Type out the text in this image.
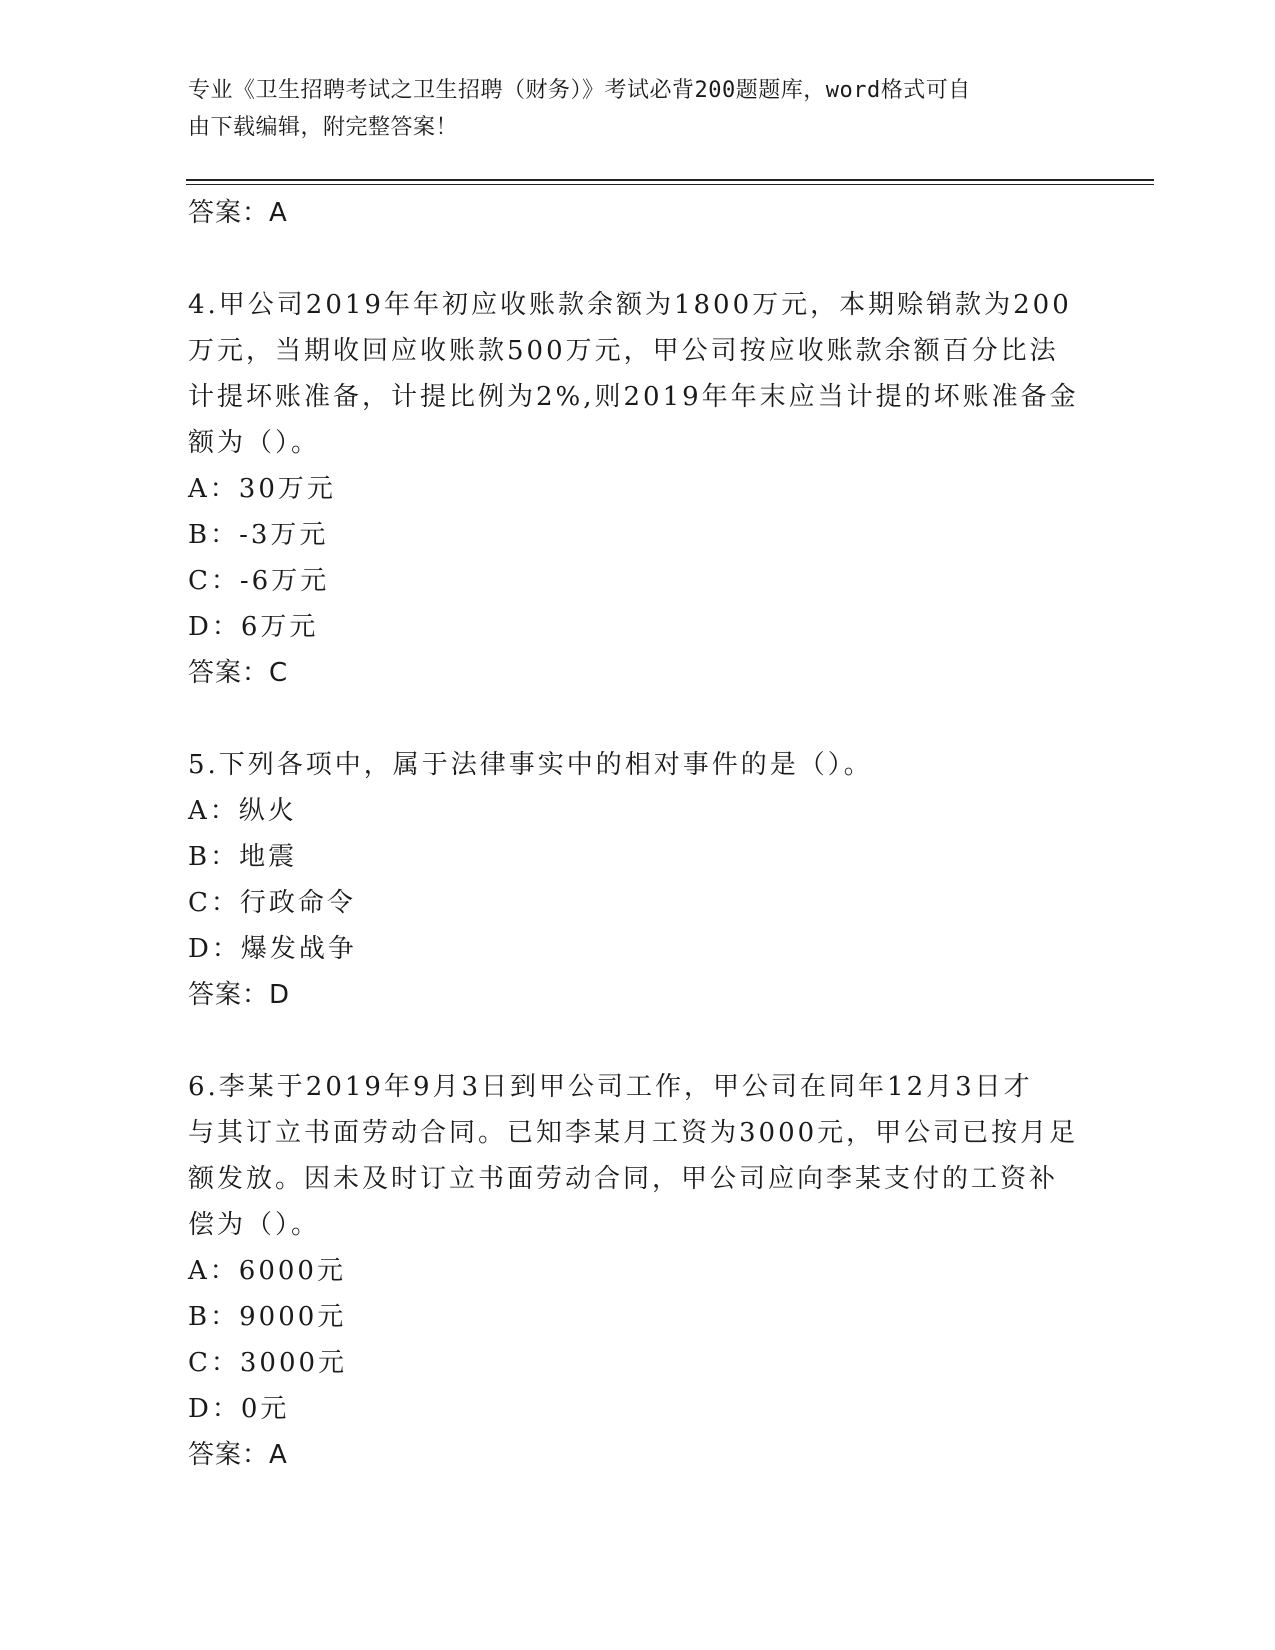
专业《卫生招聘考试之卫生招聘（财务）》考试必背200题题库，word格式可自
由下载编辑，附完整答案！
答案：A
4.甲公司2019年年初应收账款余额为1800万元，本期赊销款为200
万元，当期收回应收账款500万元，甲公司按应收账款余额百分比法
计提坏账准备，计提比例为2%,则2019年年末应当计提的坏账准备金
额为（）。
A：30万元
B：-3万元
C：-6万元
D：6万元
答案：C
5.下列各项中，属于法律事实中的相对事件的是（）。
A：纵火
B：地震
C：行政命令
D：爆发战争
答案：D
6.李某于2019年9月3日到甲公司工作，甲公司在同年12月3日才
与其订立书面劳动合同。已知李某月工资为3000元，甲公司已按月足
额发放。因未及时订立书面劳动合同，甲公司应向李某支付的工资补
偿为（）。
A：6000元
B：9000元
C：3000元
D：0元
答案：A
